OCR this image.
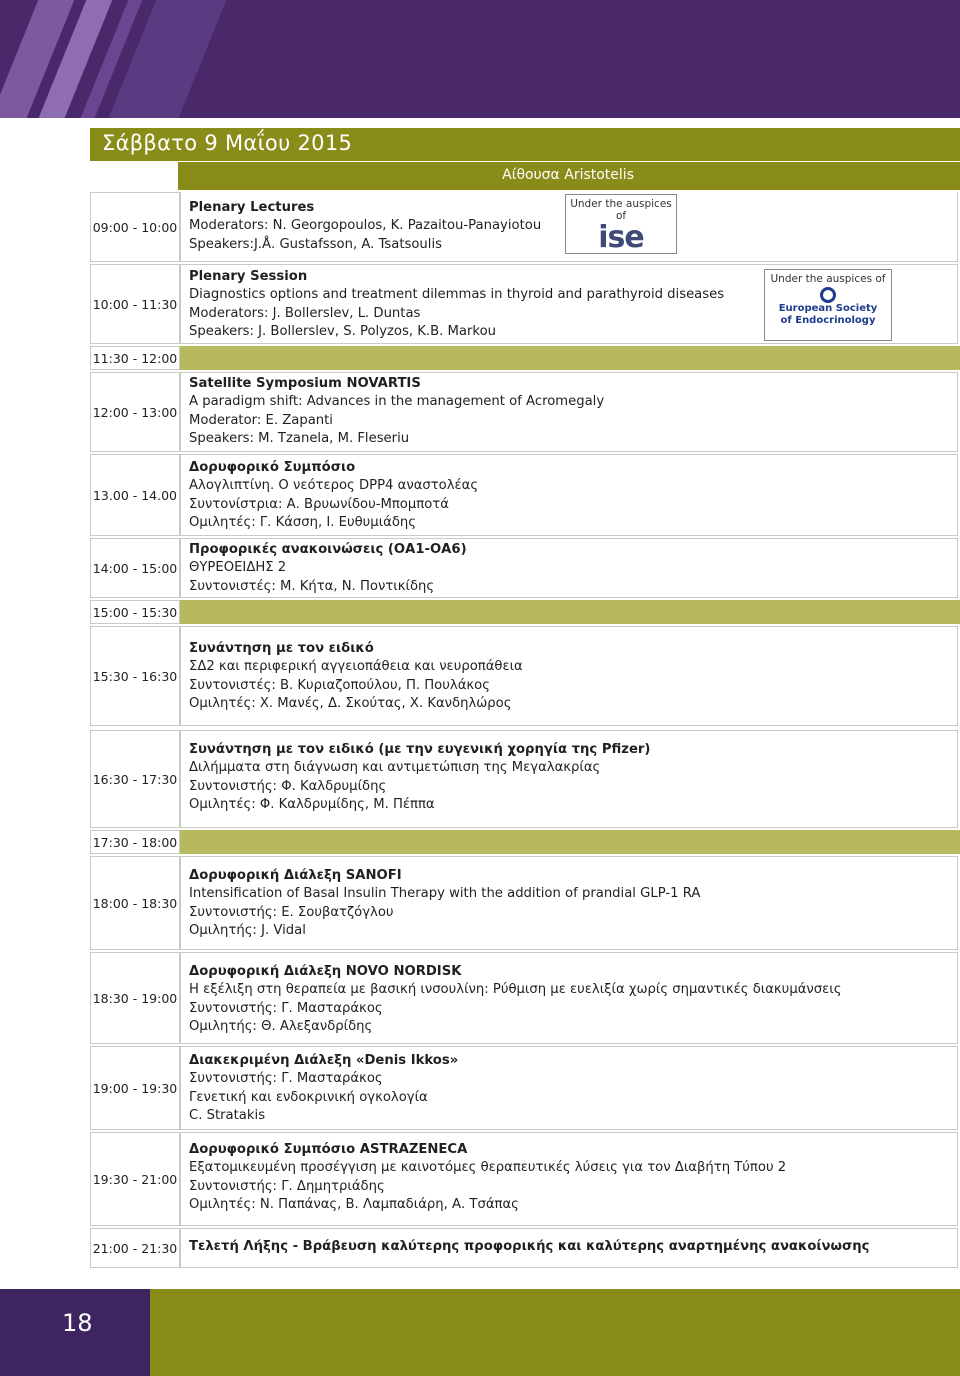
Σάββατο 9 Μαΐου 2015
Αίθουσα Aristotelis
09:00 - 10:00
10:00 - 11:30
11:30 - 12:00
12:00 - 13:00
13.00 - 14.00
14:00 - 15:00
15:00 - 15:30
15:30 - 16:30
16:30 - 17:30
17:30 - 18:00
18:00 - 18:30
18:30 - 19:00
19:00 - 19:30
19:30 - 21:00
21:00 - 21:30

Plenary Lectures

Moderators: N. Georgopoulos, K. Pazaitou-Panayiotou

Speakers:J.Å. Gustafsson, A. Tsatsoulis

Under the auspices of
ise

Plenary Session

Diagnostics options and treatment dilemmas in thyroid and parathyroid diseases

Moderators: J. Bollerslev, L. Duntas

Speakers: J. Bollerslev, S. Polyzos, K.B. Markou

Under the auspices of
European Society
of Endocrinology

Satellite Symposium NOVARTIS

A paradigm shift: Advances in the management of Acromegaly

Moderator: E. Zapanti

Speakers: M. Tzanela, M. Fleseriu

Δορυφορικό Συμπόσιο

Αλογλιπτίνη. Ο νεότερος DPP4 αναστολέας

Συντονίστρια: Α. Βρυωνίδου-Μπομποτά

Ομιλητές: Γ. Κάσση, Ι. Ευθυμιάδης

Προφορικές ανακοινώσεις (ΟΑ1-ΟΑ6)

ΘΥΡΕΟΕΙΔΗΣ 2

Συντονιστές: Μ. Κήτα, Ν. Ποντικίδης

Συνάντηση με τον ειδικό

ΣΔ2 και περιφερική αγγειοπάθεια και νευροπάθεια

Συντονιστές: Β. Κυριαζοπούλου, Π. Πουλάκος

Ομιλητές: Χ. Μανές, Δ. Σκούτας, Χ. Κανδηλώρος

Συνάντηση με τον ειδικό (με την ευγενική χορηγία της Pfizer)

Διλήμματα στη διάγνωση και αντιμετώπιση της Μεγαλακρίας

Συντονιστής: Φ. Καλδρυμίδης

Ομιλητές: Φ. Καλδρυμίδης, Μ. Πέππα

Δορυφορική Διάλεξη SANOFI

Intensification of Basal Insulin Therapy with the addition of prandial GLP-1 RA

Συντονιστής: Ε. Σουβατζόγλου

Ομιλητής: J. Vidal

Δορυφορική Διάλεξη NOVO NORDISK

Η εξέλιξη στη θεραπεία με βασική ινσουλίνη: Ρύθμιση με ευελιξία χωρίς σημαντικές διακυμάνσεις

Συντονιστής: Γ. Μασταράκος

Ομιλητής: Θ. Αλεξανδρίδης

Διακεκριμένη Διάλεξη «Denis Ikkos»

Συντονιστής: Γ. Μασταράκος

Γενετική και ενδοκρινική ογκολογία

C. Stratakis

Δορυφορικό Συμπόσιο ASTRAZENECA

Εξατομικευμένη προσέγγιση με καινοτόμες θεραπευτικές λύσεις για τον Διαβήτη Τύπου 2

Συντονιστής: Γ. Δημητριάδης

Ομιλητές: Ν. Παπάνας, Β. Λαμπαδιάρη, Α. Τσάπας

Τελετή Λήξης - Βράβευση καλύτερης προφορικής και καλύτερης αναρτημένης ανακοίνωσης

18
